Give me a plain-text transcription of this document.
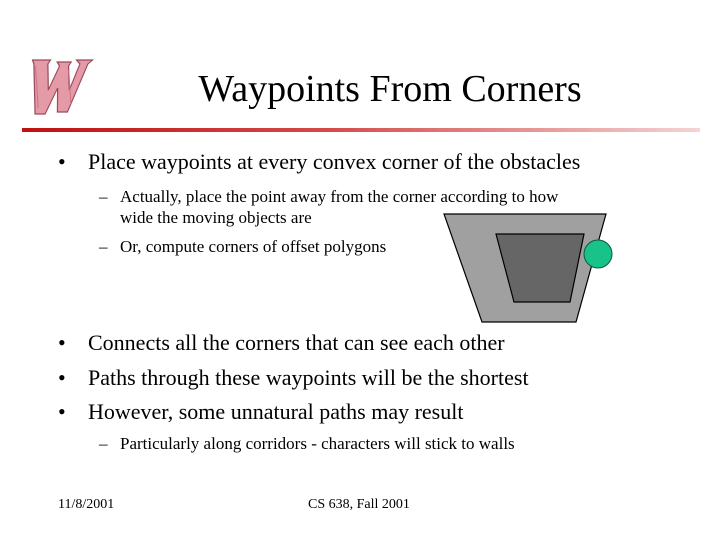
Waypoints From Corners
• Place waypoints at every convex corner of the obstacles
– Actually, place the point away from the corner according to how
wide the moving objects are
– Or, compute corners of offset polygons
• Connects all the corners that can see each other
• Paths through these waypoints will be the shortest
• However, some unnatural paths may result
– Particularly along corridors - characters will stick to walls
11/8/2001	CS 638, Fall 2001
